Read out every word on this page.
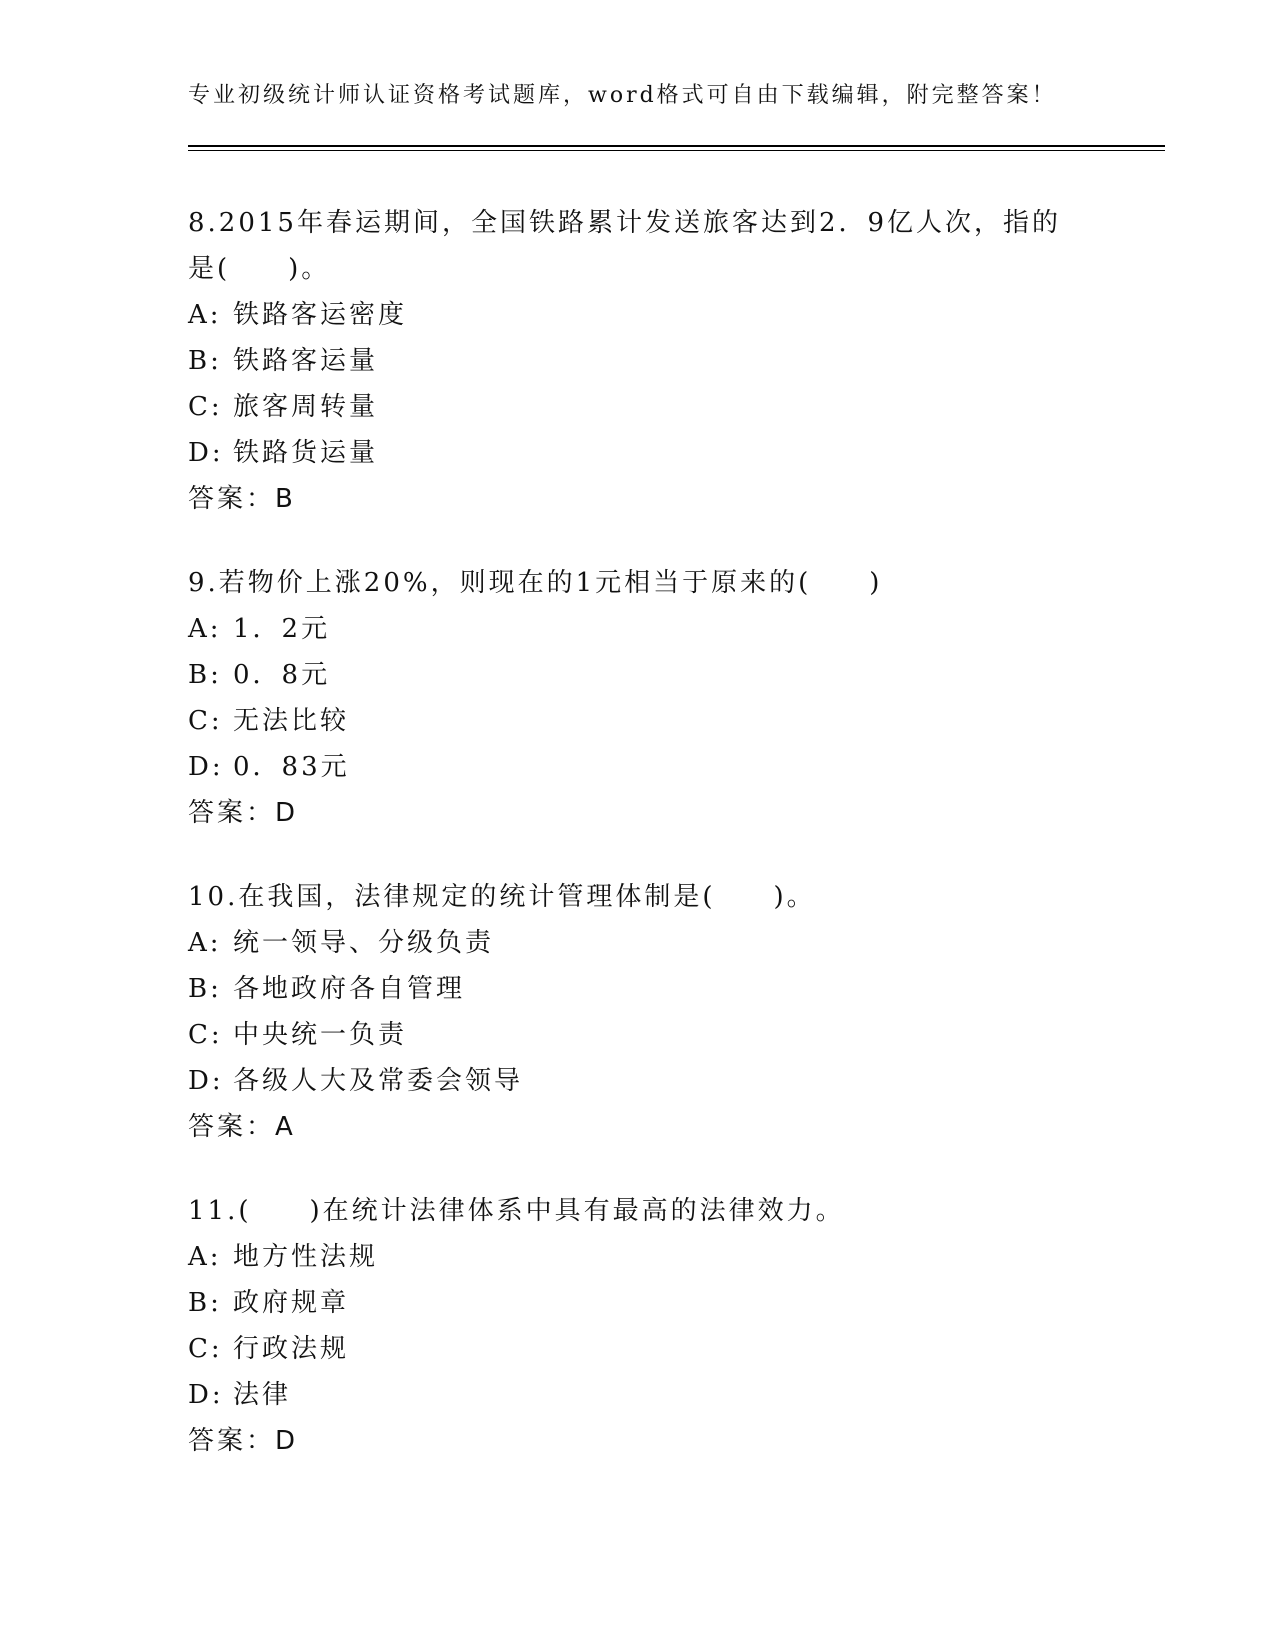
专业初级统计师认证资格考试题库，word格式可自由下载编辑，附完整答案！
8.2015年春运期间，全国铁路累计发送旅客达到2．9亿人次，指的是(　　)。
A: 铁路客运密度
B: 铁路客运量
C: 旅客周转量
D: 铁路货运量
答案：B
9.若物价上涨20%，则现在的1元相当于原来的(　　)
A: 1．2元
B: 0．8元
C: 无法比较
D: 0．83元
答案：D
10.在我国，法律规定的统计管理体制是(　　)。
A: 统一领导、分级负责
B: 各地政府各自管理
C: 中央统一负责
D: 各级人大及常委会领导
答案：A
11.(　　)在统计法律体系中具有最高的法律效力。
A: 地方性法规
B: 政府规章
C: 行政法规
D: 法律
答案：D
